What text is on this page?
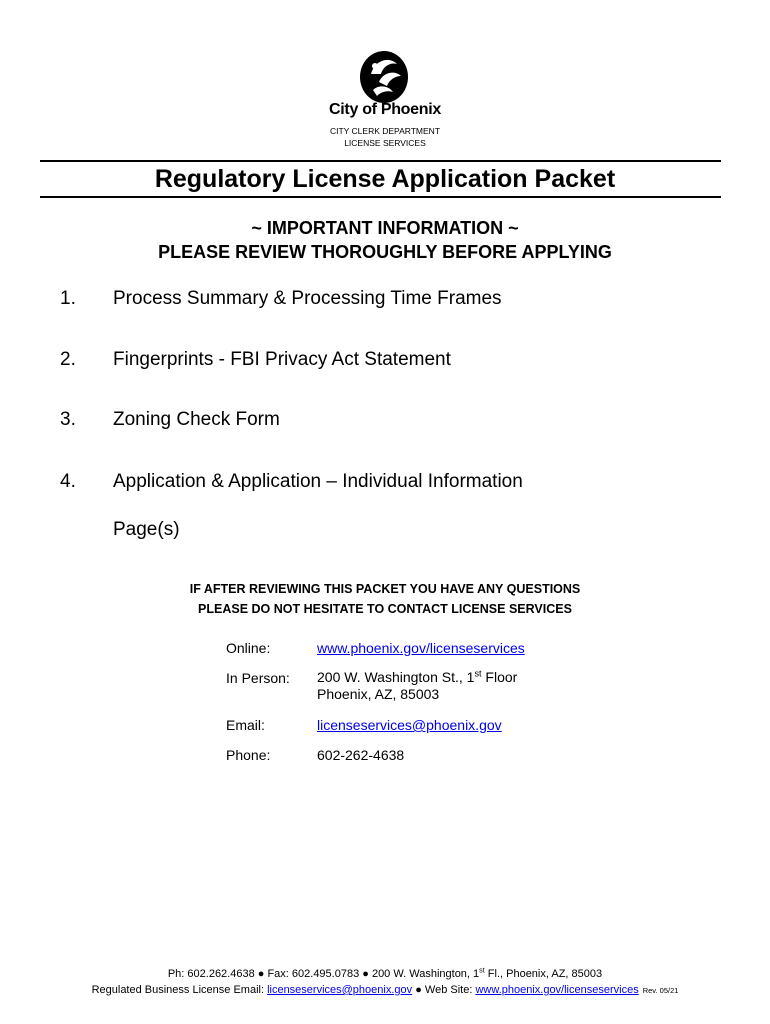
City of Phoenix
CITY CLERK DEPARTMENT
LICENSE SERVICES
Regulatory License Application Packet
~ IMPORTANT INFORMATION ~
PLEASE REVIEW THOROUGHLY BEFORE APPLYING
1. Process Summary & Processing Time Frames
2. Fingerprints - FBI Privacy Act Statement
3. Zoning Check Form
4. Application & Application – Individual Information
Page(s)
IF AFTER REVIEWING THIS PACKET YOU HAVE ANY QUESTIONS
PLEASE DO NOT HESITATE TO CONTACT LICENSE SERVICES
Online:	www.phoenix.gov/licenseservices
In Person: 200 W. Washington St., 1st Floor
Phoenix, AZ, 85003
Email:	licenseservices@phoenix.gov
Phone:	602-262-4638
Ph: 602.262.4638 ● Fax: 602.495.0783 ● 200 W. Washington, 1st Fl., Phoenix, AZ, 85003
Regulated Business License Email: licenseservices@phoenix.gov ● Web Site: www.phoenix.gov/licenseservices Rev. 05/21
